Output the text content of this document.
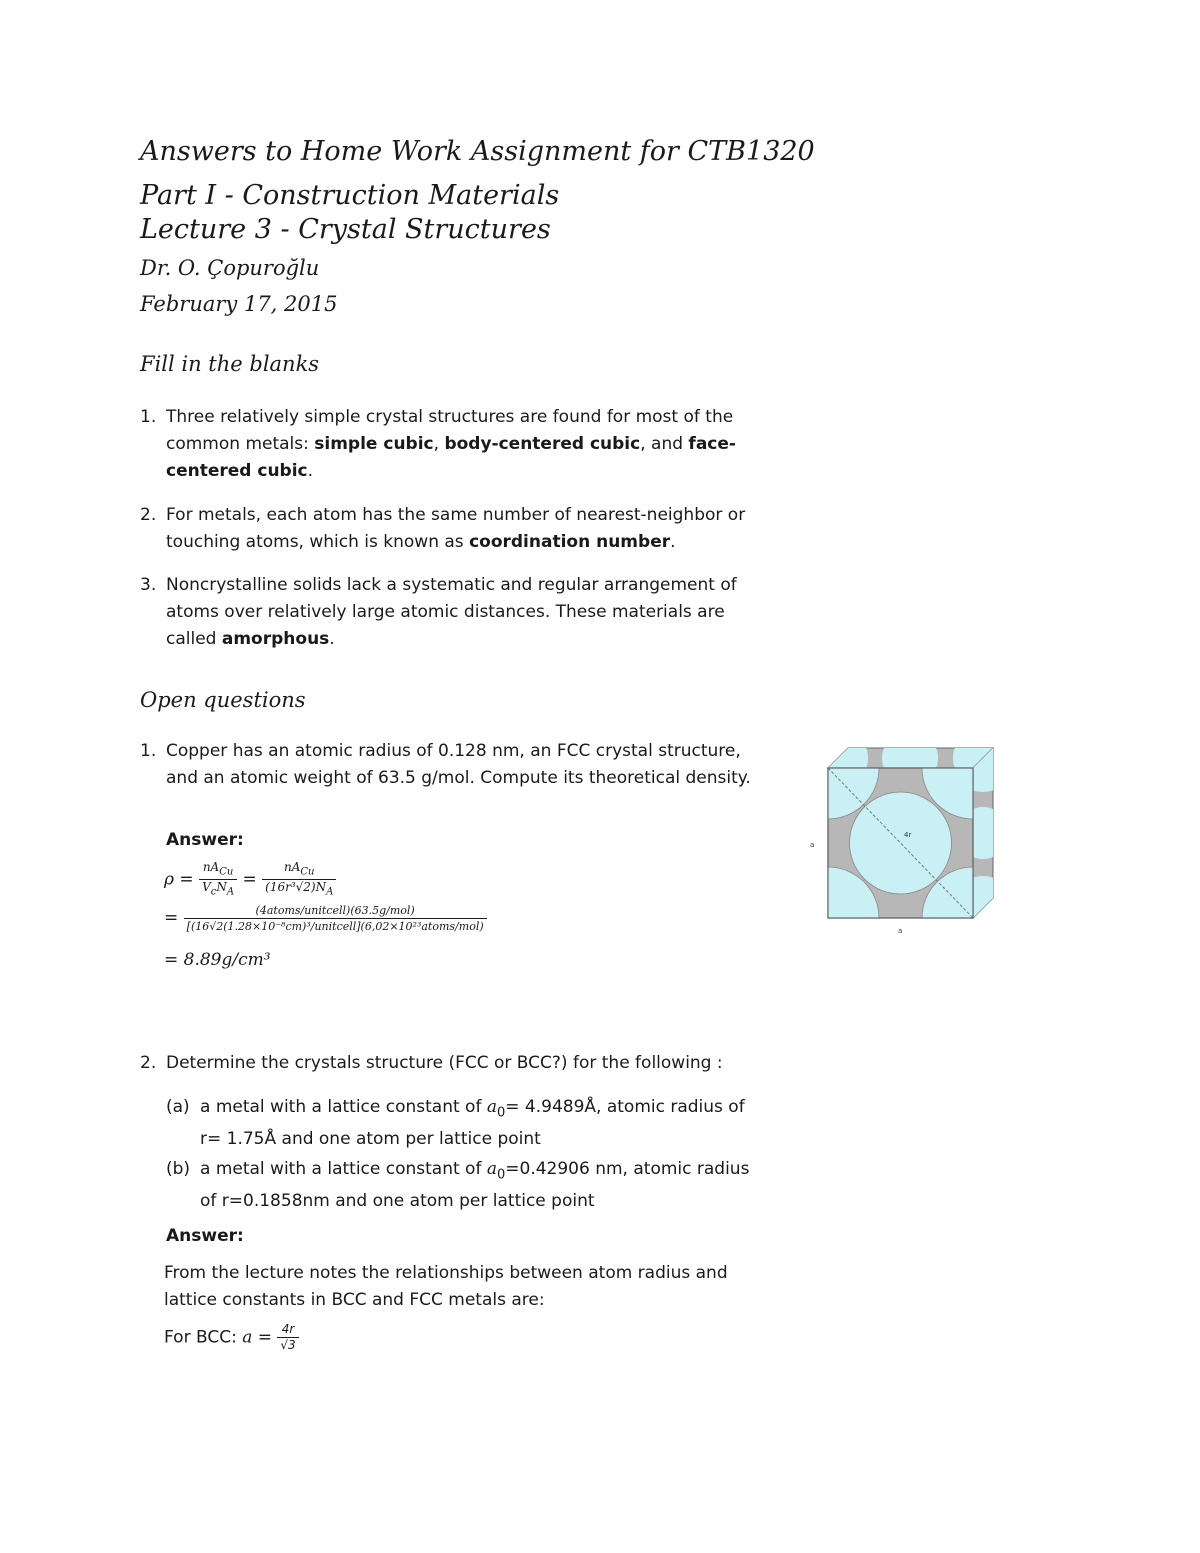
Answers to Home Work Assignment for CTB1320
Part I - Construction Materials
Lecture 3 - Crystal Structures
Dr. O. Çopuroğlu
February 17, 2015
Fill in the blanks
1. Three relatively simple crystal structures are found for most of the common metals: simple cubic, body-centered cubic, and face-centered cubic.
2. For metals, each atom has the same number of nearest-neighbor or touching atoms, which is known as coordination number.
3. Noncrystalline solids lack a systematic and regular arrangement of atoms over relatively large atomic distances. These materials are called amorphous.
Open questions
1. Copper has an atomic radius of 0.128 nm, an FCC crystal structure, and an atomic weight of 63.5 g/mol. Compute its theoretical density.
Answer:
$\rho = \frac{nA_{Cu}}{V_cN_A} = \frac{nA_{Cu}}{(16r^3√2)N_A}$
= $\frac{\text{(4atoms/unitcell)(63.5g/mol)}}{\text{[(16√2(1.28×10⁻⁸cm)³/unitcell](6,02×10²³atoms/mol)}}$
= 8.89g/cm³
4r
a
a
2. Determine the crystals structure (FCC or BCC?) for the following :
(a) a metal with a lattice constant of $a_0=$ 4.9489Å, atomic radius of r= 1.75Å and one atom per lattice point
(b) a metal with a lattice constant of $a_0=0.42906$ nm, atomic radius of r=0.1858nm and one atom per lattice point
Answer:
From the lecture notes the relationships between atom radius and lattice constants in BCC and FCC metals are:
For BCC: $a = \frac{4r}{√3}$
